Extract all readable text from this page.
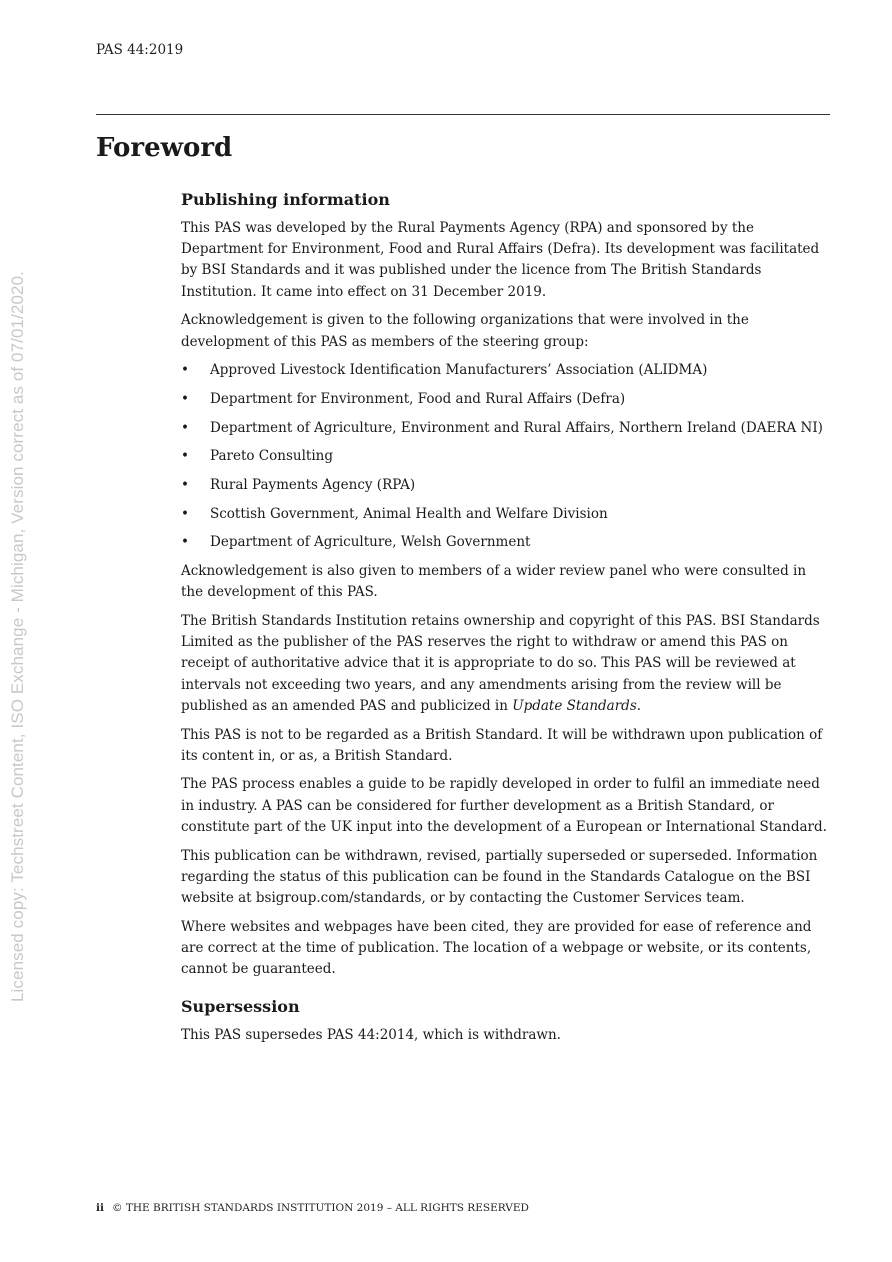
PAS 44:2019
Foreword
Licensed copy: Techstreet Content, ISO Exchange - Michigan, Version correct as of 07/01/2020.
Publishing information

This PAS was developed by the Rural Payments Agency (RPA) and sponsored by the Department for Environment, Food and Rural Affairs (Defra). Its development was facilitated by BSI Standards and it was published under the licence from The British Standards Institution. It came into effect on 31 December 2019.

Acknowledgement is given to the following organizations that were involved in the development of this PAS as members of the steering group:

• Approved Livestock Identification Manufacturers’ Association (ALIDMA)
• Department for Environment, Food and Rural Affairs (Defra)
• Department of Agriculture, Environment and Rural Affairs, Northern Ireland (DAERA NI)
• Pareto Consulting
• Rural Payments Agency (RPA)
• Scottish Government, Animal Health and Welfare Division
• Department of Agriculture, Welsh Government

Acknowledgement is also given to members of a wider review panel who were consulted in the development of this PAS.

The British Standards Institution retains ownership and copyright of this PAS. BSI Standards Limited as the publisher of the PAS reserves the right to withdraw or amend this PAS on receipt of authoritative advice that it is appropriate to do so. This PAS will be reviewed at intervals not exceeding two years, and any amendments arising from the review will be published as an amended PAS and publicized in Update Standards.

This PAS is not to be regarded as a British Standard. It will be withdrawn upon publication of its content in, or as, a British Standard.

The PAS process enables a guide to be rapidly developed in order to fulfil an immediate need in industry. A PAS can be considered for further development as a British Standard, or constitute part of the UK input into the development of a European or International Standard.

This publication can be withdrawn, revised, partially superseded or superseded. Information regarding the status of this publication can be found in the Standards Catalogue on the BSI website at bsigroup.com/standards, or by contacting the Customer Services team.

Where websites and webpages have been cited, they are provided for ease of reference and are correct at the time of publication. The location of a webpage or website, or its contents, cannot be guaranteed.

Supersession

This PAS supersedes PAS 44:2014, which is withdrawn.

ii © THE BRITISH STANDARDS INSTITUTION 2019 – ALL RIGHTS RESERVED
